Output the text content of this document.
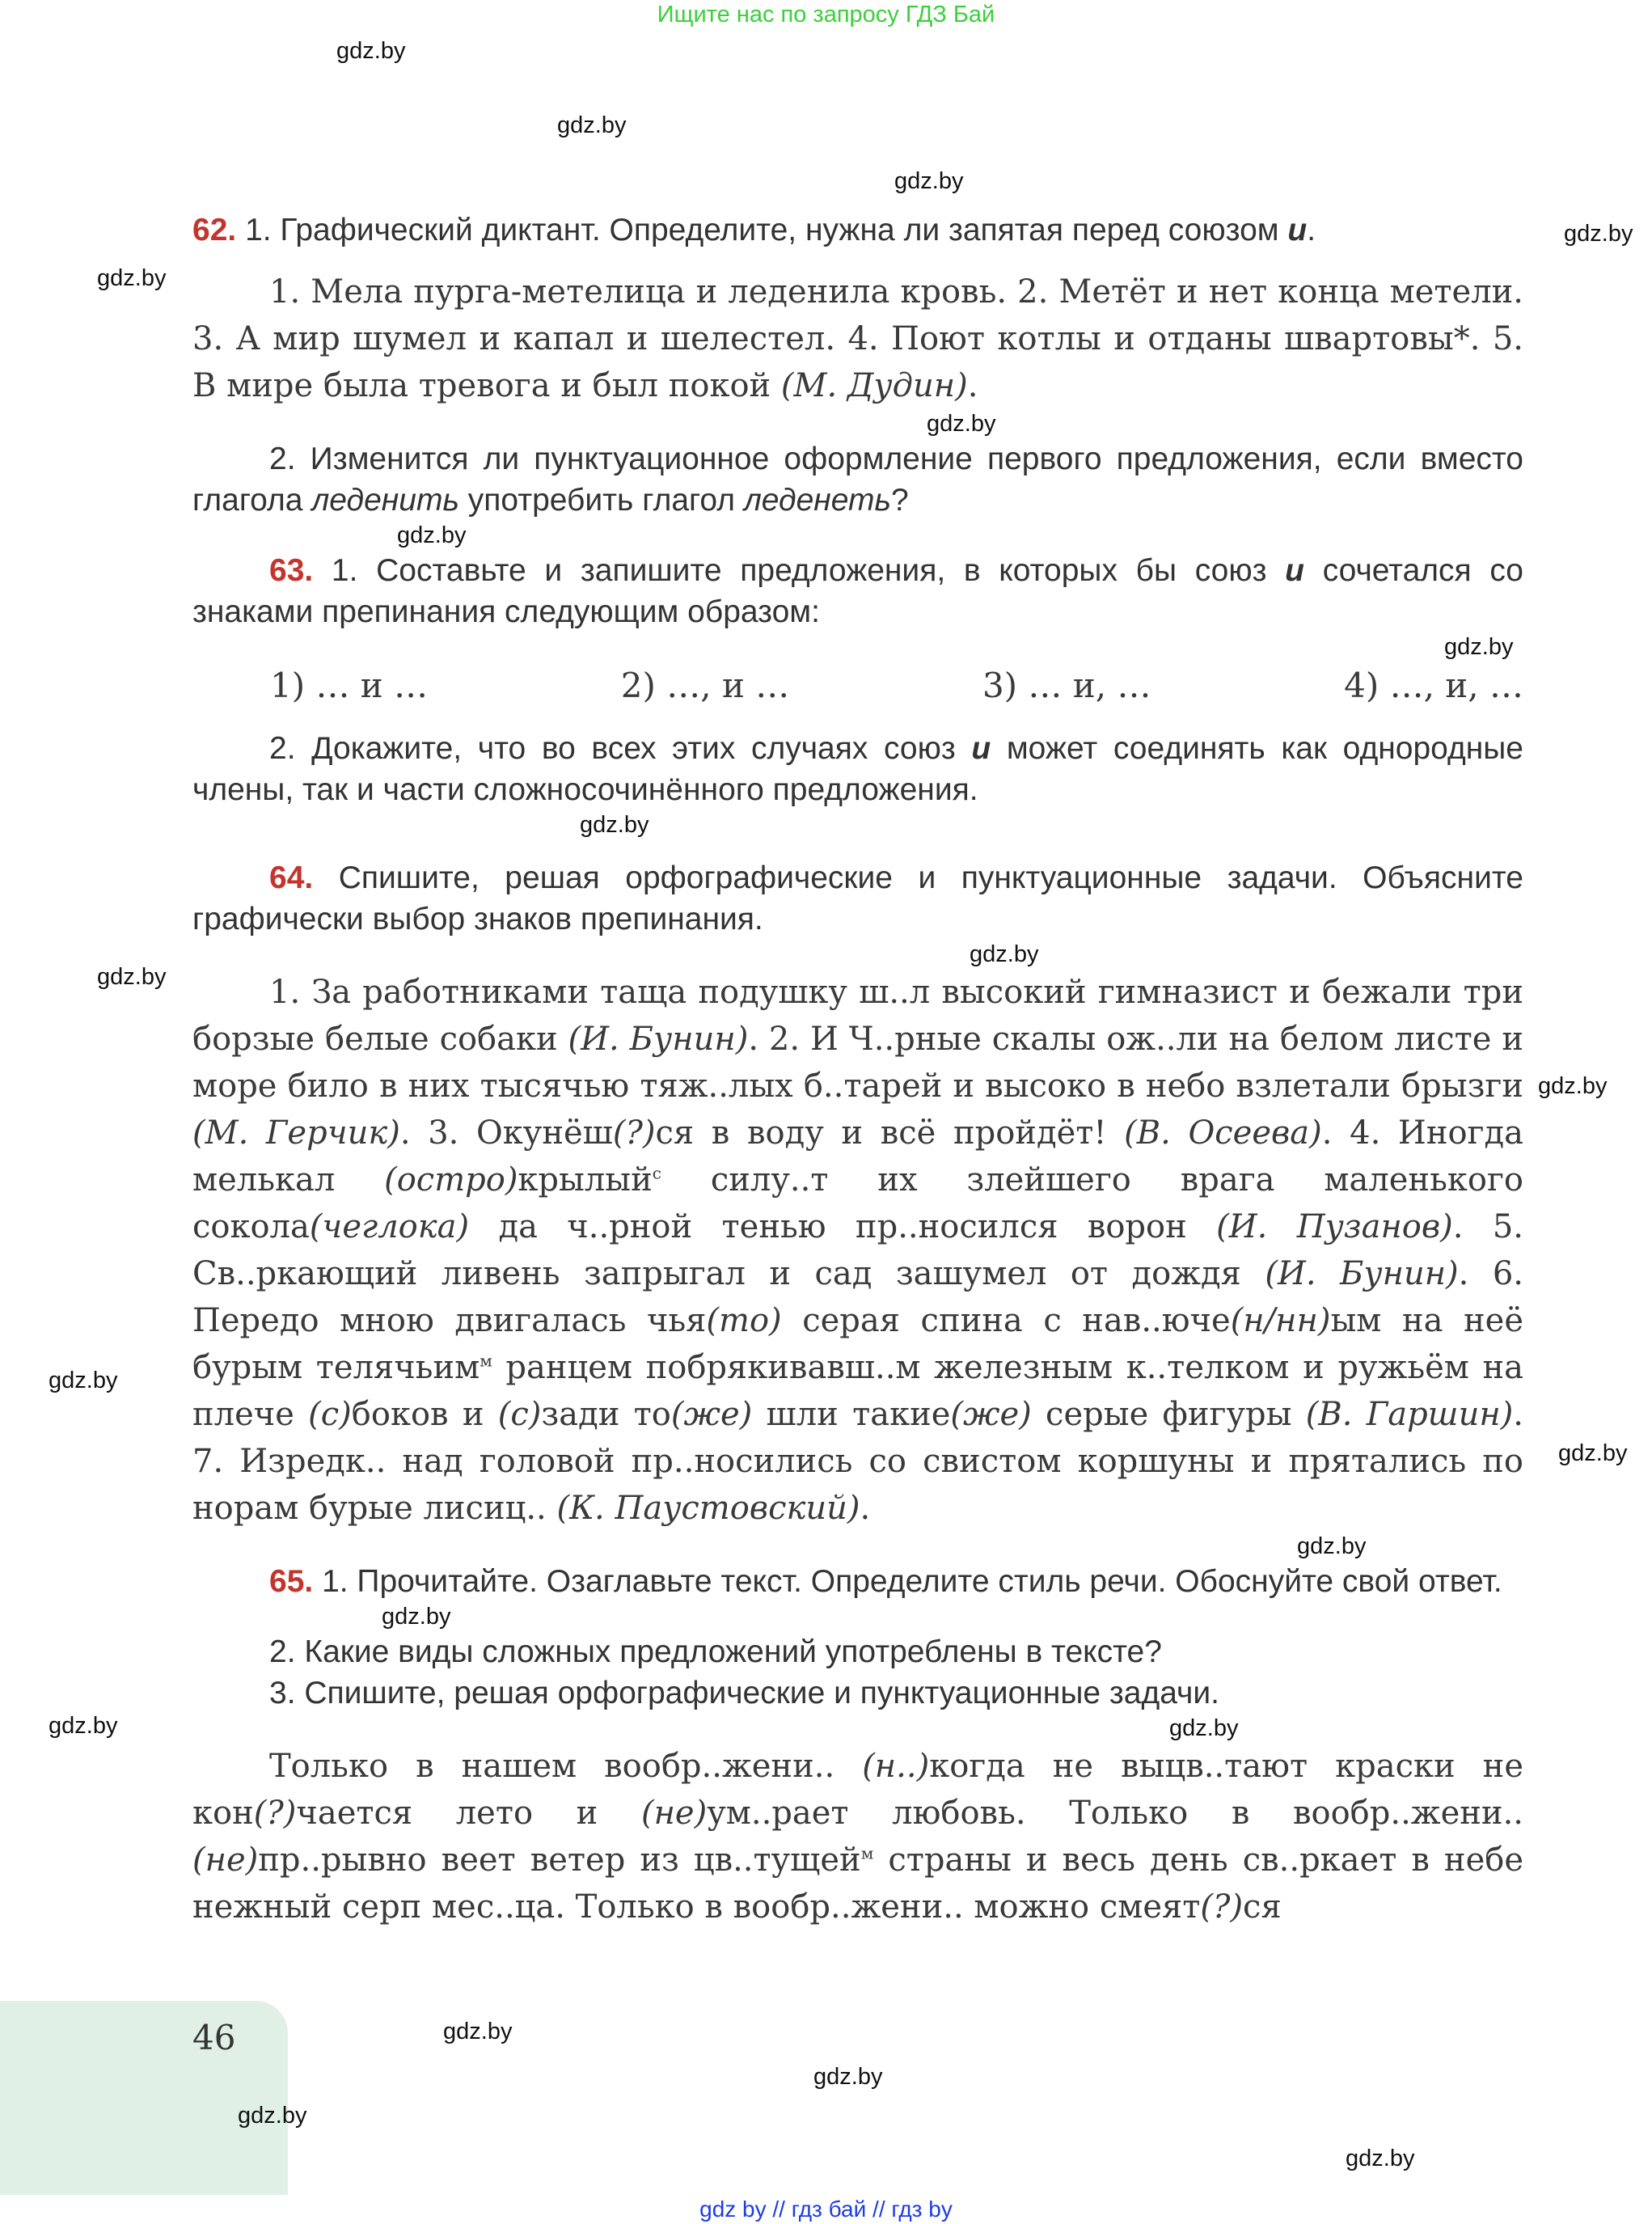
Ищите нас по запросу ГДЗ Бай
46
62. 1. Графический диктант. Определите, нужна ли запятая перед союзом и.
1. Мела пурга-метелица и леденила кровь. 2. Метёт и нет конца метели. 3. А мир шумел и капал и шелестел. 4. Поют котлы и отданы швартовы*. 5. В мире была тревога и был покой (М. Дудин).
gdz.by
2. Изменится ли пунктуационное оформление первого предложения, если вместо глагола леденить употребить глагол леденеть?
gdz.by
63. 1. Составьте и запишите предложения, в которых бы союз и сочетался со знаками препинания следующим образом:
gdz.by
1) … и …	2) …, и …	3) … и, …	4) …, и, …
2. Докажите, что во всех этих случаях союз и может соединять как однородные члены, так и части сложносочинённого предложения.
gdz.by
64. Спишите, решая орфографические и пунктуационные задачи. Объясните графически выбор знаков препинания.
gdz.by
1. За работниками таща подушку ш..л высокий гимназист и бежали три борзые белые собаки (И. Бунин). 2. И Ч..рные скалы ож..ли на белом листе и море било в них тысячью тяж..лых б..тарей и высоко в небо взлетали брызги (М. Герчик). 3. Окунёш(?)ся в воду и всё пройдёт! (В. Осеева). 4. Иногда мелькал (остро)крылый$^с$ силу..т их злейшего врага маленького сокола(чеглока) да ч..рной тенью пр..носился ворон (И. Пузанов). 5. Св..ркающий ливень запрыгал и сад зашумел от дождя (И. Бунин). 6. Передо мною двигалась чья(то) серая спина с нав..юче(н/нн)ым на неё бурым телячьим$^м$ ранцем побрякивавш..м железным к..телком и ружьём на плече (с)боков и (с)зади то(же) шли такие(же) серые фигуры (В. Гаршин). 7. Изредк.. над головой пр..носились со свистом коршуны и прятались по норам бурые лисиц.. (К. Паустовский).
gdz.by
65. 1. Прочитайте. Озаглавьте текст. Определите стиль речи. Обоснуйте свой ответ.
gdz.by
2. Какие виды сложных предложений употреблены в тексте?
3. Спишите, решая орфографические и пунктуационные задачи.
gdz.by
Только в нашем вообр..жени.. (н..)когда не выцв..тают краски не кон(?)чается лето и (не)ум..рает любовь. Только в вообр..жени.. (не)пр..рывно веет ветер из цв..тущей$^м$ страны и весь день св..ркает в небе нежный серп мес..ца. Только в вообр..жени.. можно смеят(?)ся
gdz.by
gdz.by
gdz.by
gdz.by
gdz.by
gdz.by
gdz.by
gdz.by
gdz.by
gdz.by
gdz.by
gdz.by
gdz.by
gdz.by
gdz by // гдз бай // гдз by
